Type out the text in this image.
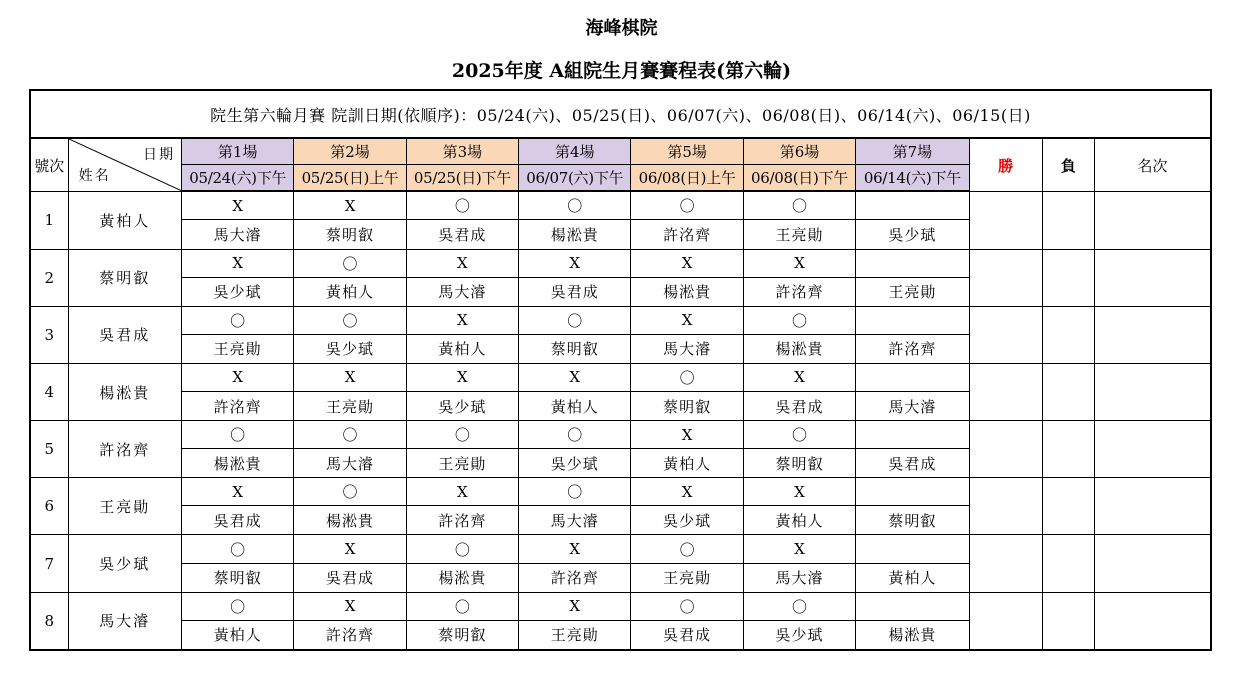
海峰棋院
2025年度 A組院生月賽賽程表(第六輪)
院生第六輪月賽 院訓日期(依順序)：05/24(六)、05/25(日)、06/07(六)、06/08(日)、06/14(六)、06/15(日)											
號次	日期
姓名	第1場	第2場	第3場	第4場	第5場	第6場	第7場	勝	負	名次
		05/24(六)下午	05/25(日)上午	05/25(日)下午	06/07(六)下午	06/08(日)上午	06/08(日)下午	06/14(六)下午			
1	黃柏人	X	X	〇	〇	〇	〇				
		馬大濬	蔡明叡	吳君成	楊淞貴	許洺齊	王亮勛	吳少珷			
2	蔡明叡	X	〇	X	X	X	X				
		吳少珷	黃柏人	馬大濬	吳君成	楊淞貴	許洺齊	王亮勛			
3	吳君成	〇	〇	X	〇	X	〇				
		王亮勛	吳少珷	黃柏人	蔡明叡	馬大濬	楊淞貴	許洺齊			
4	楊淞貴	X	X	X	X	〇	X				
		許洺齊	王亮勛	吳少珷	黃柏人	蔡明叡	吳君成	馬大濬			
5	許洺齊	〇	〇	〇	〇	X	〇				
		楊淞貴	馬大濬	王亮勛	吳少珷	黃柏人	蔡明叡	吳君成			
6	王亮勛	X	〇	X	〇	X	X				
		吳君成	楊淞貴	許洺齊	馬大濬	吳少珷	黃柏人	蔡明叡			
7	吳少珷	〇	X	〇	X	〇	X				
		蔡明叡	吳君成	楊淞貴	許洺齊	王亮勛	馬大濬	黃柏人			
8	馬大濬	〇	X	〇	X	〇	〇				
		黃柏人	許洺齊	蔡明叡	王亮勛	吳君成	吳少珷	楊淞貴			
